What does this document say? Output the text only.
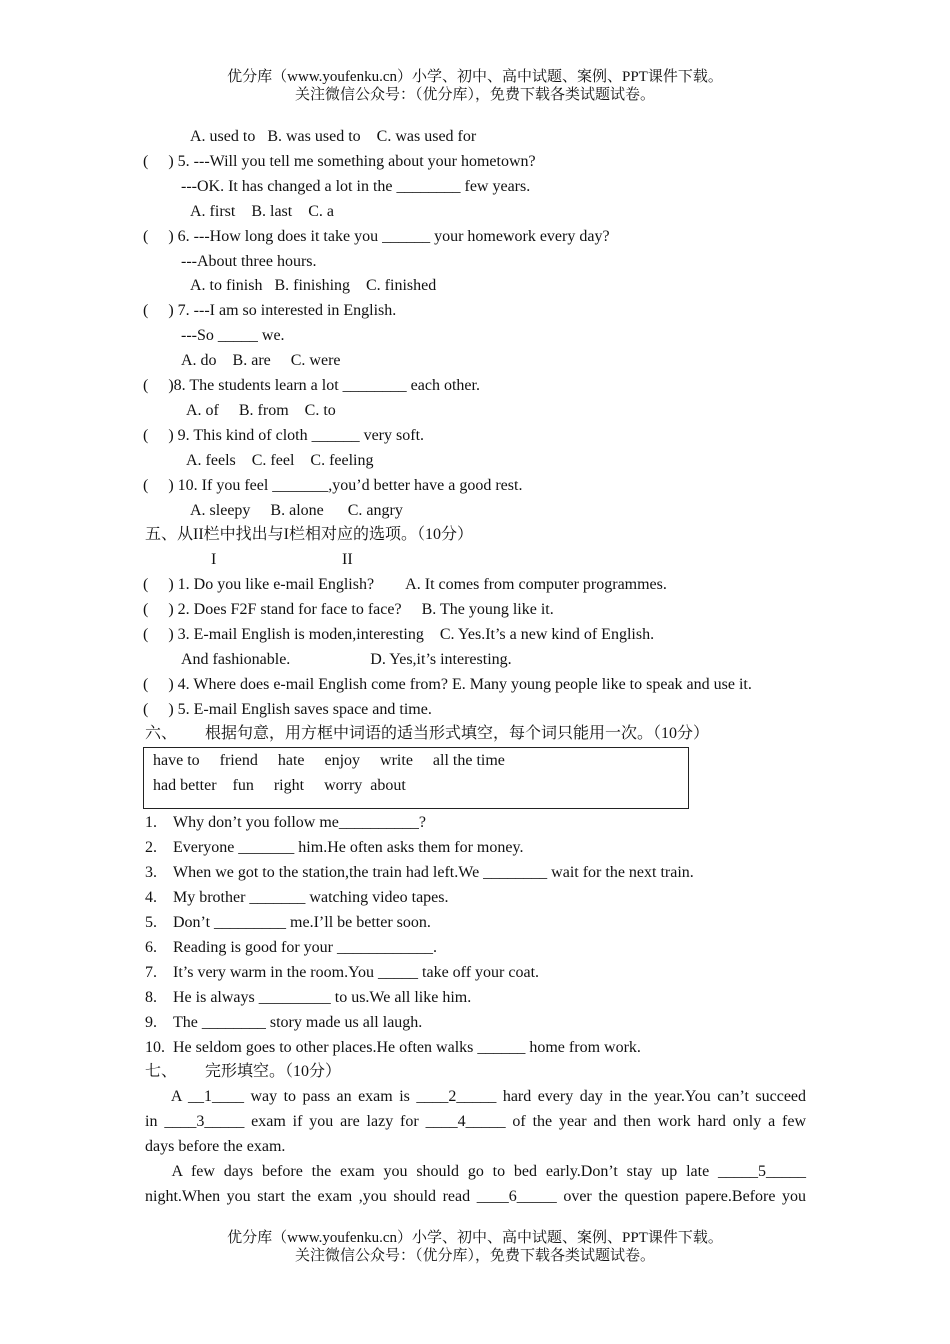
优分库（www.youfenku.cn）小学、初中、高中试题、案例、PPT课件下载。
关注微信公众号：（优分库），免费下载各类试题试卷。
A. used to   B. was used to    C. was used for
(     ) 5. ---Will you tell me something about your hometown?
---OK. It has changed a lot in the ________ few years.
A. first    B. last    C. a
(     ) 6. ---How long does it take you ______ your homework every day?
---About three hours.
A. to finish   B. finishing    C. finished
(     ) 7. ---I am so interested in English.
---So _____ we.
A. do    B. are     C. were
(     )8. The students learn a lot ________ each other.
A. of     B. from    C. to
(     ) 9. This kind of cloth ______ very soft.
A. feels    C. feel    C. feeling
(     ) 10. If you feel _______,you’d better have a good rest.
A. sleepy     B. alone      C. angry
五、从II栏中找出与I栏相对应的选项。（10分）
I	II
(     ) 1. Do you like e-mail English?        A. It comes from computer programmes.
(     ) 2. Does F2F stand for face to face?     B. The young like it.
(     ) 3. E-mail English is moden,interesting    C. Yes.It’s a new kind of English.
And fashionable.                    D. Yes,it’s interesting.
(     ) 4. Where does e-mail English come from? E. Many young people like to speak and use it.
(     ) 5. E-mail English saves space and time.
六、       根据句意，用方框中词语的适当形式填空，每个词只能用一次。（10分）
have to     friend     hate     enjoy     write     all the time
had better    fun     right     worry  about
1. Why don’t you follow me__________?
2. Everyone _______ him.He often asks them for money.
3. When we got to the station,the train had left.We ________ wait for the next train.
4. My brother _______ watching video tapes.
5. Don’t _________ me.I’ll be better soon.
6. Reading is good for your ____________.
7. It’s very warm in the room.You _____ take off your coat.
8. He is always _________ to us.We all like him.
9. The ________ story made us all laugh.
10. He seldom goes to other places.He often walks ______ home from work.
七、       完形填空。（10分）
A __1____ way to pass an exam is ____2_____ hard every day in the year.You can’t succeed
in ____3_____ exam if you are lazy for ____4_____ of the year and then work hard only a few
days before the exam.
A few days before the exam you should go to bed early.Don’t stay up late _____5_____
night.When you start the exam ,you should read ____6_____ over the question papere.Before you
优分库（www.youfenku.cn）小学、初中、高中试题、案例、PPT课件下载。
关注微信公众号：（优分库），免费下载各类试题试卷。
